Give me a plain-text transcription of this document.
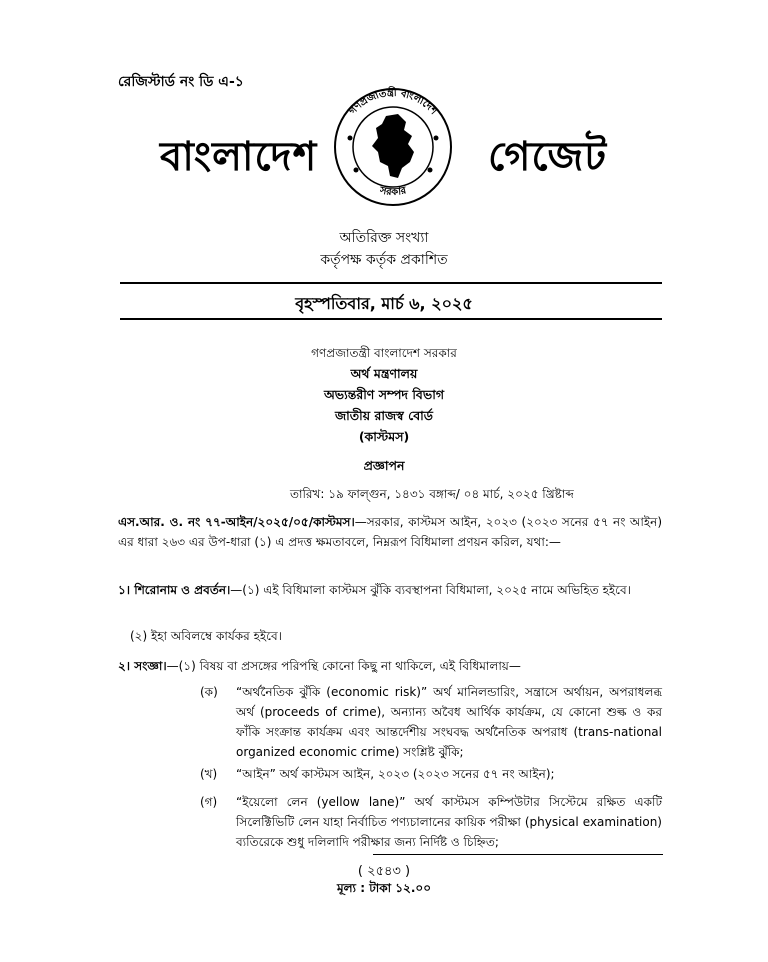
রেজিস্টার্ড নং ডি এ-১
বাংলাদেশ
গণপ্রজাতন্ত্রী বাংলাদেশ
সরকার
গেজেট
অতিরিক্ত সংখ্যা
কর্তৃপক্ষ কর্তৃক প্রকাশিত
বৃহস্পতিবার, মার্চ ৬, ২০২৫
গণপ্রজাতন্ত্রী বাংলাদেশ সরকার
অর্থ মন্ত্রণালয়
অভ্যন্তরীণ সম্পদ বিভাগ
জাতীয় রাজস্ব বোর্ড
(কাস্টমস)
প্রজ্ঞাপন
তারিখ: ১৯ ফাল্গুন, ১৪৩১ বঙ্গাব্দ/ ০৪ মার্চ, ২০২৫ খ্রিষ্টাব্দ
এস.আর. ও. নং ৭৭-আইন/২০২৫/০৫/কাস্টমস।—সরকার, কাস্টমস আইন, ২০২৩ (২০২৩ সনের ৫৭ নং আইন) এর ধারা ২৬৩ এর উপ-ধারা (১) এ প্রদত্ত ক্ষমতাবলে, নিম্নরূপ বিধিমালা প্রণয়ন করিল, যথা:—
১। শিরোনাম ও প্রবর্তন।—(১) এই বিধিমালা কাস্টমস ঝুঁকি ব্যবস্থাপনা বিধিমালা, ২০২৫ নামে অভিহিত হইবে।
(২) ইহা অবিলম্বে কার্যকর হইবে।
২। সংজ্ঞা।—(১) বিষয় বা প্রসঙ্গের পরিপন্থি কোনো কিছু না থাকিলে, এই বিধিমালায়—
(ক) “অর্থনৈতিক ঝুঁকি (economic risk)” অর্থ মানিলন্ডারিং, সন্ত্রাসে অর্থায়ন, অপরাধলব্ধ অর্থ (proceeds of crime), অন্যান্য অবৈধ আর্থিক কার্যক্রম, যে কোনো শুল্ক ও কর ফাঁকি সংক্রান্ত কার্যক্রম এবং আন্তর্দেশীয় সংঘবদ্ধ অর্থনৈতিক অপরাধ (trans-national organized economic crime) সংশ্লিষ্ট ঝুঁকি;
(খ) “আইন” অর্থ কাস্টমস আইন, ২০২৩ (২০২৩ সনের ৫৭ নং আইন);
(গ) “ইয়েলো লেন (yellow lane)” অর্থ কাস্টমস কম্পিউটার সিস্টেমে রক্ষিত একটি সিলেক্টিভিটি লেন যাহা নির্বাচিত পণ্যচালানের কায়িক পরীক্ষা (physical examination) ব্যতিরেকে শুধু দলিলাদি পরীক্ষার জন্য নির্দিষ্ট ও চিহ্নিত;
( ২৫৪৩ )
মূল্য : টাকা ১২.০০
